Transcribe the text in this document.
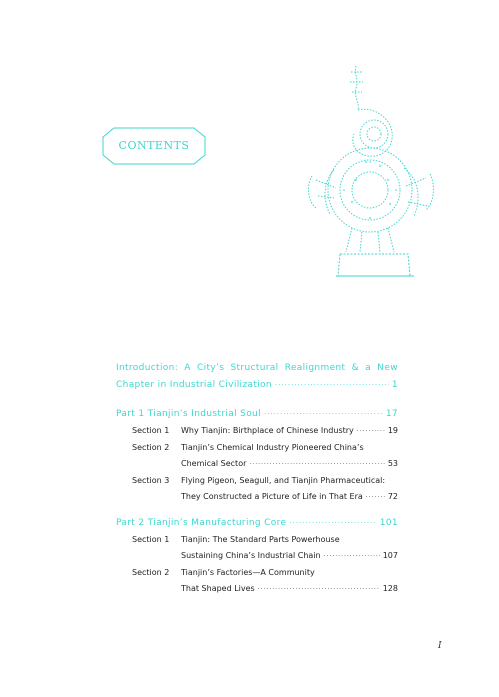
CONTENTS
Introduction: A City’s Structural Realignment & a New
Chapter in Industrial Civilization ·····	1
Part 1 Tianjin’s Industrial Soul ·····	17
Section 1	Why Tianjin: Birthplace of Chinese Industry ·····	19
Section 2	Tianjin’s Chemical Industry Pioneered China’s
Chemical Sector ·····	53
Section 3	Flying Pigeon, Seagull, and Tianjin Pharmaceutical:
They Constructed a Picture of Life in That Era ·····	72
Part 2 Tianjin’s Manufacturing Core ·····	101
Section 1	Tianjin: The Standard Parts Powerhouse
Sustaining China’s Industrial Chain ·····	107
Section 2	Tianjin’s Factories—A Community
That Shaped Lives ·····	128
I
